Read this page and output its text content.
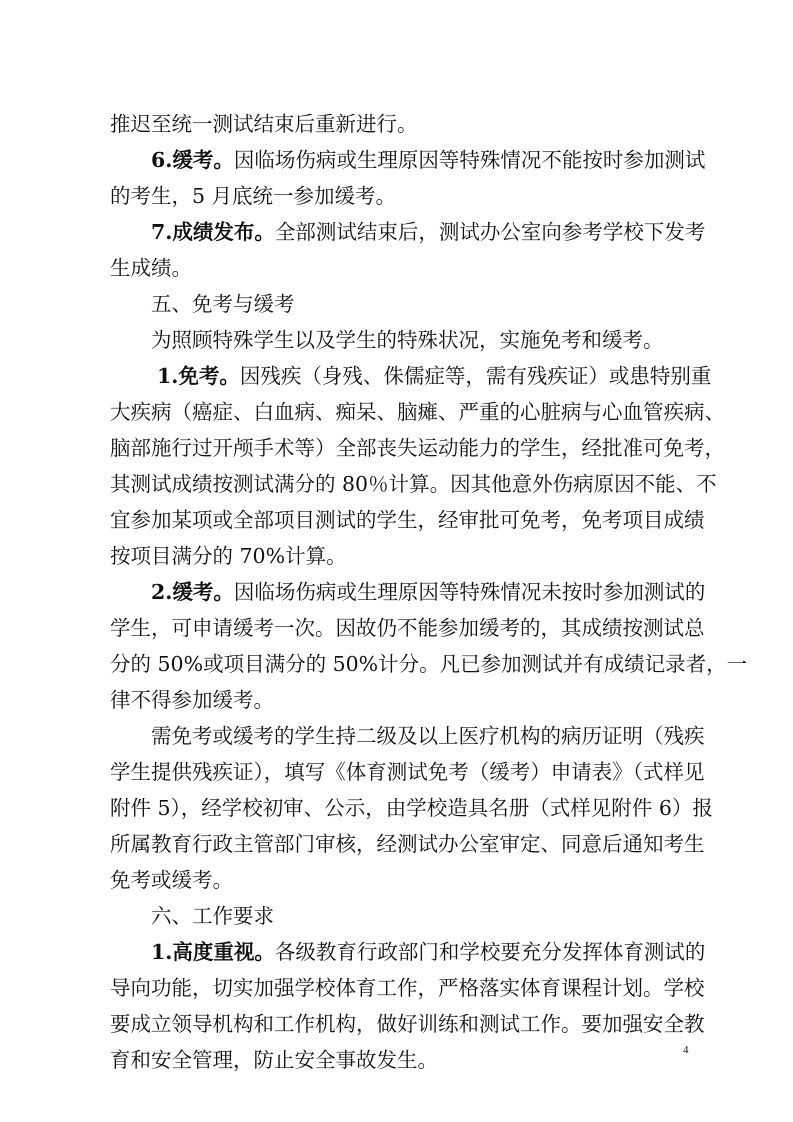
推迟至统一测试结束后重新进行。
6.缓考。因临场伤病或生理原因等特殊情况不能按时参加测试
的考生，5 月底统一参加缓考。
7.成绩发布。全部测试结束后，测试办公室向参考学校下发考
生成绩。
五、免考与缓考
为照顾特殊学生以及学生的特殊状况，实施免考和缓考。
1.免考。因残疾（身残、侏儒症等，需有残疾证）或患特别重
大疾病（癌症、白血病、痴呆、脑瘫、严重的心脏病与心血管疾病、
脑部施行过开颅手术等）全部丧失运动能力的学生，经批准可免考，
其测试成绩按测试满分的 80％计算。因其他意外伤病原因不能、不
宜参加某项或全部项目测试的学生，经审批可免考，免考项目成绩
按项目满分的 70%计算。
2.缓考。因临场伤病或生理原因等特殊情况未按时参加测试的
学生，可申请缓考一次。因故仍不能参加缓考的，其成绩按测试总
分的 50%或项目满分的 50%计分。凡已参加测试并有成绩记录者，一
律不得参加缓考。
需免考或缓考的学生持二级及以上医疗机构的病历证明（残疾
学生提供残疾证），填写《体育测试免考（缓考）申请表》（式样见
附件 5），经学校初审、公示，由学校造具名册（式样见附件 6）报
所属教育行政主管部门审核，经测试办公室审定、同意后通知考生
免考或缓考。
六、工作要求
1.高度重视。各级教育行政部门和学校要充分发挥体育测试的
导向功能，切实加强学校体育工作，严格落实体育课程计划。学校
要成立领导机构和工作机构，做好训练和测试工作。要加强安全教
育和安全管理，防止安全事故发生。	4
